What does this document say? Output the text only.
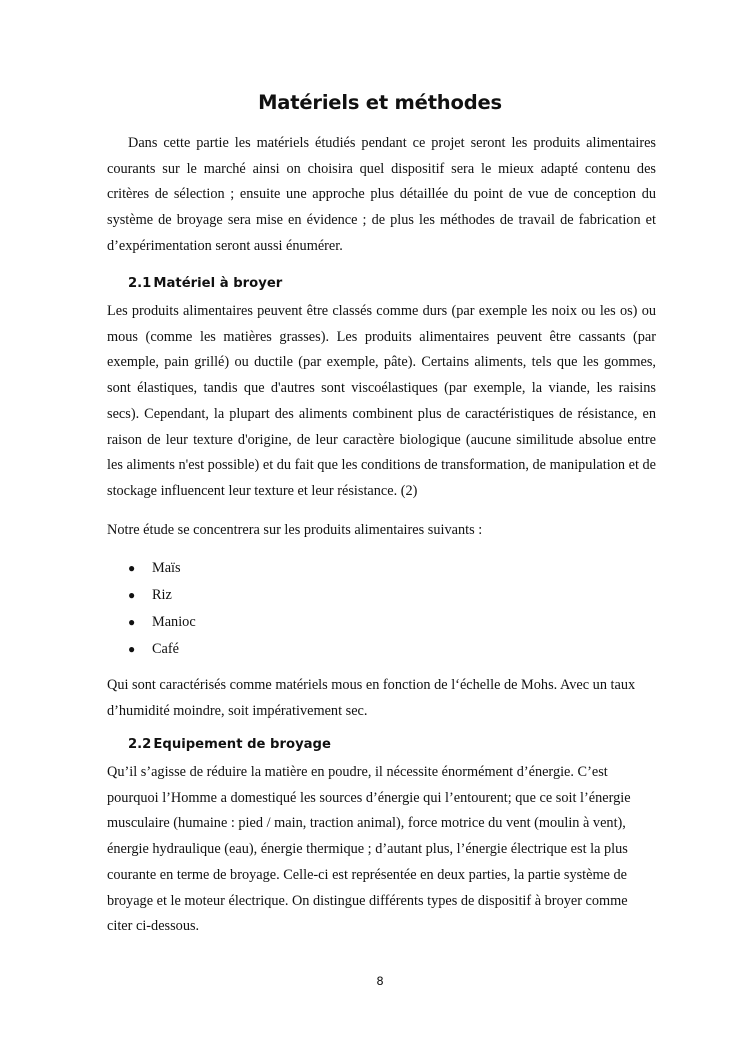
Matériels et méthodes

Dans cette partie les matériels étudiés pendant ce projet seront les produits alimentaires courants sur le marché ainsi on choisira quel dispositif sera le mieux adapté contenu des critères de sélection ; ensuite une approche plus détaillée du point de vue de conception du système de broyage sera mise en évidence ; de plus les méthodes de travail de fabrication et d’expérimentation seront aussi énumérer.

2.1 Matériel à broyer

Les produits alimentaires peuvent être classés comme durs (par exemple les noix ou les os) ou mous (comme les matières grasses). Les produits alimentaires peuvent être cassants (par exemple, pain grillé) ou ductile (par exemple, pâte). Certains aliments, tels que les gommes, sont élastiques, tandis que d'autres sont viscoélastiques (par exemple, la viande, les raisins secs). Cependant, la plupart des aliments combinent plus de caractéristiques de résistance, en raison de leur texture d'origine, de leur caractère biologique (aucune similitude absolue entre les aliments n'est possible) et du fait que les conditions de transformation, de manipulation et de stockage influencent leur texture et leur résistance. (2)

Notre étude se concentrera sur les produits alimentaires suivants :

● Maïs
● Riz
● Manioc
● Café

Qui sont caractérisés comme matériels mous en fonction de l‘échelle de Mohs. Avec un taux d’humidité moindre, soit impérativement sec.

2.2 Equipement de broyage

Qu’il s’agisse de réduire la matière en poudre, il nécessite énormément d’énergie. C’est pourquoi l’Homme a domestiqué les sources d’énergie qui l’entourent; que ce soit l’énergie musculaire (humaine : pied / main, traction animal), force motrice du vent (moulin à vent), énergie hydraulique (eau), énergie thermique ; d’autant plus, l’énergie électrique est la plus courante en terme de broyage. Celle-ci est représentée en deux parties, la partie système de broyage et le moteur électrique. On distingue différents types de dispositif à broyer comme citer ci-dessous.

8
